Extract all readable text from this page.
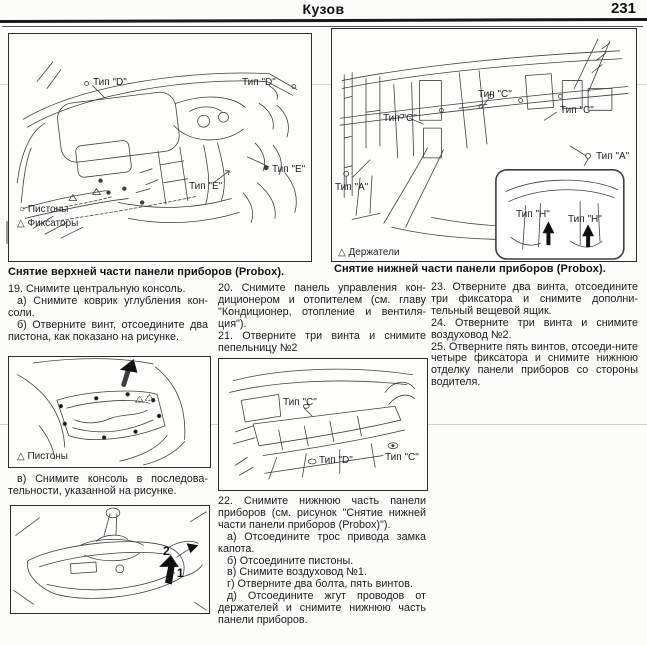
Кузов	231
Тип "D"	Тип "D"
Тип "E"
Тип "E"
○ Пистоны
△ Фиксаторы
Снятие верхней части панели приборов (Probox).
Тип "C"
Тип "C"
Тип "C"
Тип "A"
Тип "A"
Тип "H" Тип "H"
△ Держатели
Снятие нижней части панели приборов (Probox).

19. Снимите центральную консоль.

а) Снимите коврик углубления кон-соли.

б) Отверните винт, отсоедините два пистона, как показано на рисунке.

△ Пистоны

в) Снимите консоль в последова-тельности, указанной на рисунке.

2
1

20. Снимите панель управления кон-диционером и отопителем (см. главу "Кондиционер, отопление и вентиля-ция").

21. Отверните три винта и снимите пепельницу №2

Тип "C"
Тип "D"	Тип "C"

22. Снимите нижнюю часть панели приборов (см. рисунок "Снятие нижней части панели приборов (Probox)").

а) Отсоедините трос привода замка капота.

б) Отсоедините пистоны.

в) Снимите воздуховод №1.

г) Отверните два болта, пять винтов.

д) Отсоедините жгут проводов от держателей и снимите нижнюю часть панели приборов.

23. Отверните два винта, отсоедините три фиксатора и снимите дополни-тельный вещевой ящик.

24. Отверните три винта и снимите воздуховод №2.

25. Отверните пять винтов, отсоеди-ните четыре фиксатора и снимите нижнюю отделку панели приборов со стороны водителя.
